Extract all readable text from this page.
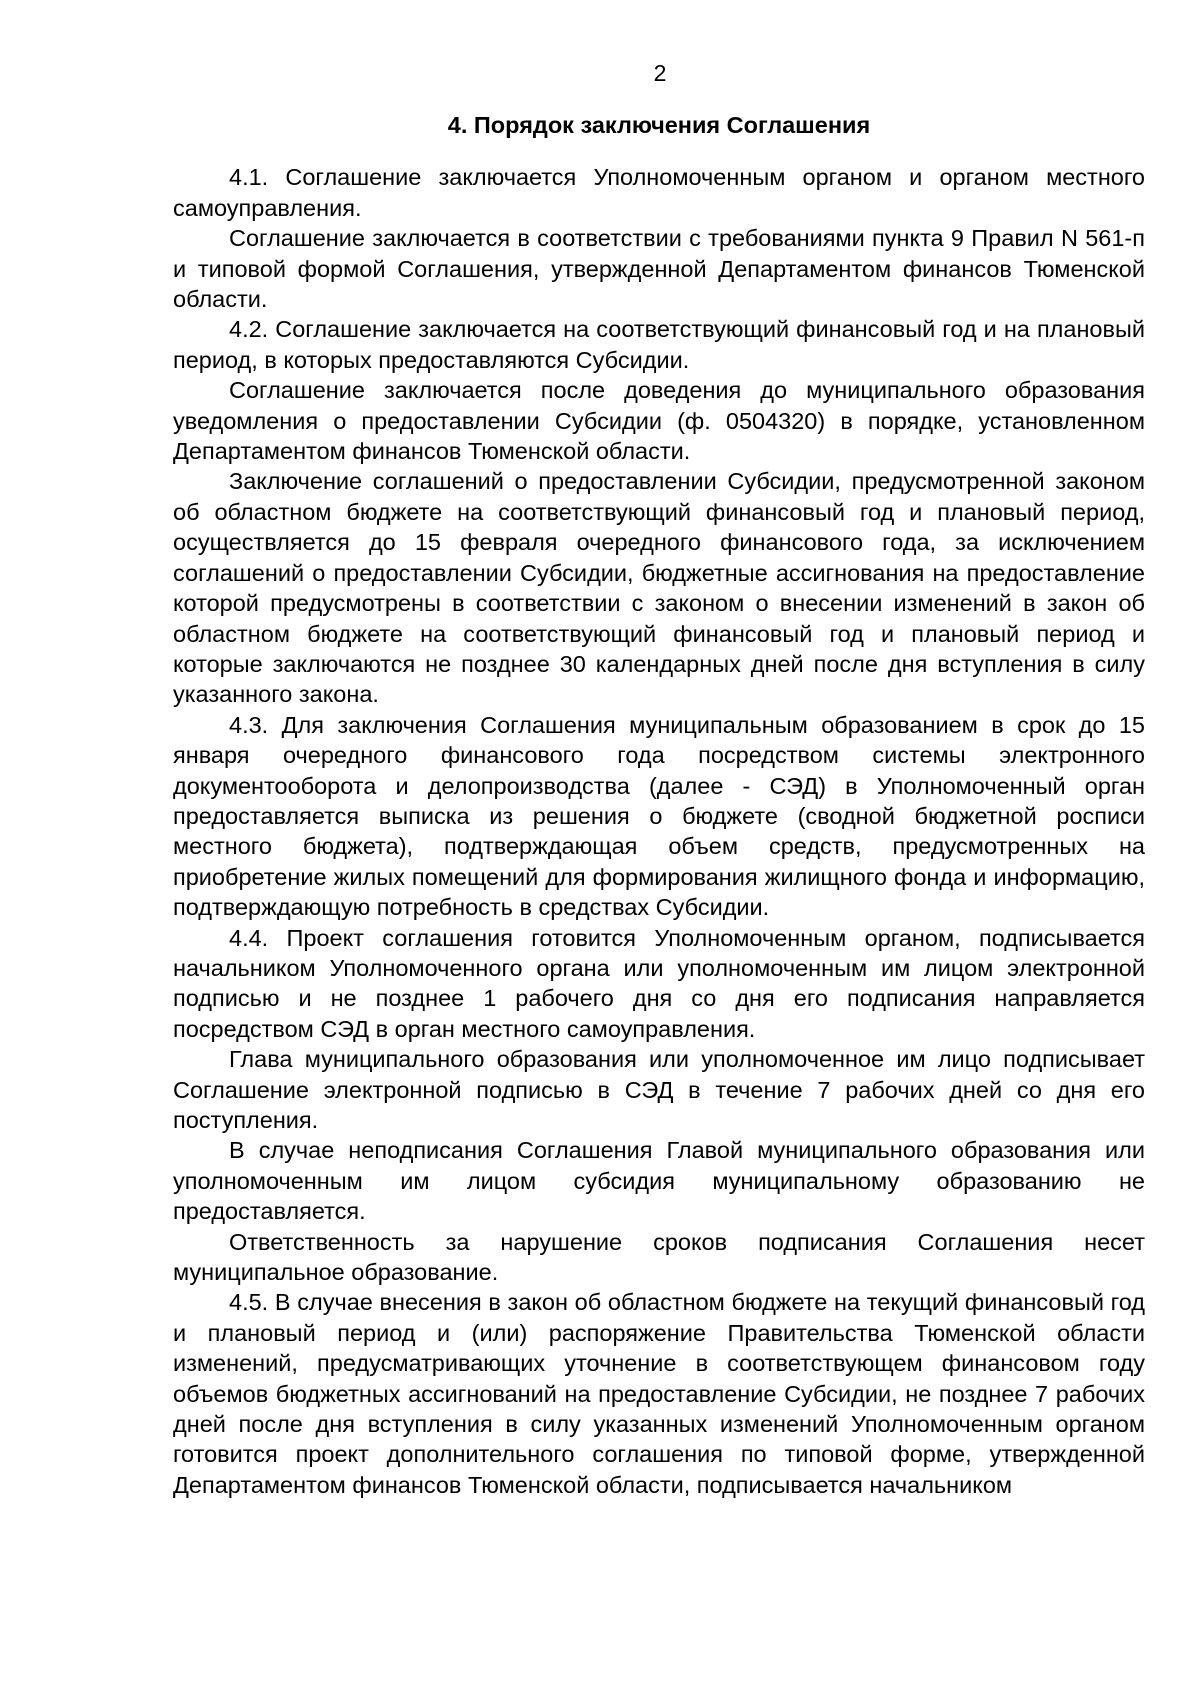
2
4. Порядок заключения Соглашения

4.1. Соглашение заключается Уполномоченным органом и органом местного самоуправления.

Соглашение заключается в соответствии с требованиями пункта 9 Правил N 561-п и типовой формой Соглашения, утвержденной Департаментом финансов Тюменской области.

4.2. Соглашение заключается на соответствующий финансовый год и на плановый период, в которых предоставляются Субсидии.

Соглашение заключается после доведения до муниципального образования уведомления о предоставлении Субсидии (ф. 0504320) в порядке, установленном Департаментом финансов Тюменской области.

Заключение соглашений о предоставлении Субсидии, предусмотренной законом об областном бюджете на соответствующий финансовый год и плановый период, осуществляется до 15 февраля очередного финансового года, за исключением соглашений о предоставлении Субсидии, бюджетные ассигнования на предоставление которой предусмотрены в соответствии с законом о внесении изменений в закон об областном бюджете на соответствующий финансовый год и плановый период и которые заключаются не позднее 30 календарных дней после дня вступления в силу указанного закона.

4.3. Для заключения Соглашения муниципальным образованием в срок до 15 января очередного финансового года посредством системы электронного документооборота и делопроизводства (далее - СЭД) в Уполномоченный орган предоставляется выписка из решения о бюджете (сводной бюджетной росписи местного бюджета), подтверждающая объем средств, предусмотренных на приобретение жилых помещений для формирования жилищного фонда и информацию, подтверждающую потребность в средствах Субсидии.

4.4. Проект соглашения готовится Уполномоченным органом, подписывается начальником Уполномоченного органа или уполномоченным им лицом электронной подписью и не позднее 1 рабочего дня со дня его подписания направляется посредством СЭД в орган местного самоуправления.

Глава муниципального образования или уполномоченное им лицо подписывает Соглашение электронной подписью в СЭД в течение 7 рабочих дней со дня его поступления.

В случае неподписания Соглашения Главой муниципального образования или уполномоченным им лицом субсидия муниципальному образованию не предоставляется.

Ответственность за нарушение сроков подписания Соглашения несет муниципальное образование.

4.5. В случае внесения в закон об областном бюджете на текущий финансовый год и плановый период и (или) распоряжение Правительства Тюменской области изменений, предусматривающих уточнение в соответствующем финансовом году объемов бюджетных ассигнований на предоставление Субсидии, не позднее 7 рабочих дней после дня вступления в силу указанных изменений Уполномоченным органом готовится проект дополнительного соглашения по типовой форме, утвержденной Департаментом финансов Тюменской области, подписывается начальником
